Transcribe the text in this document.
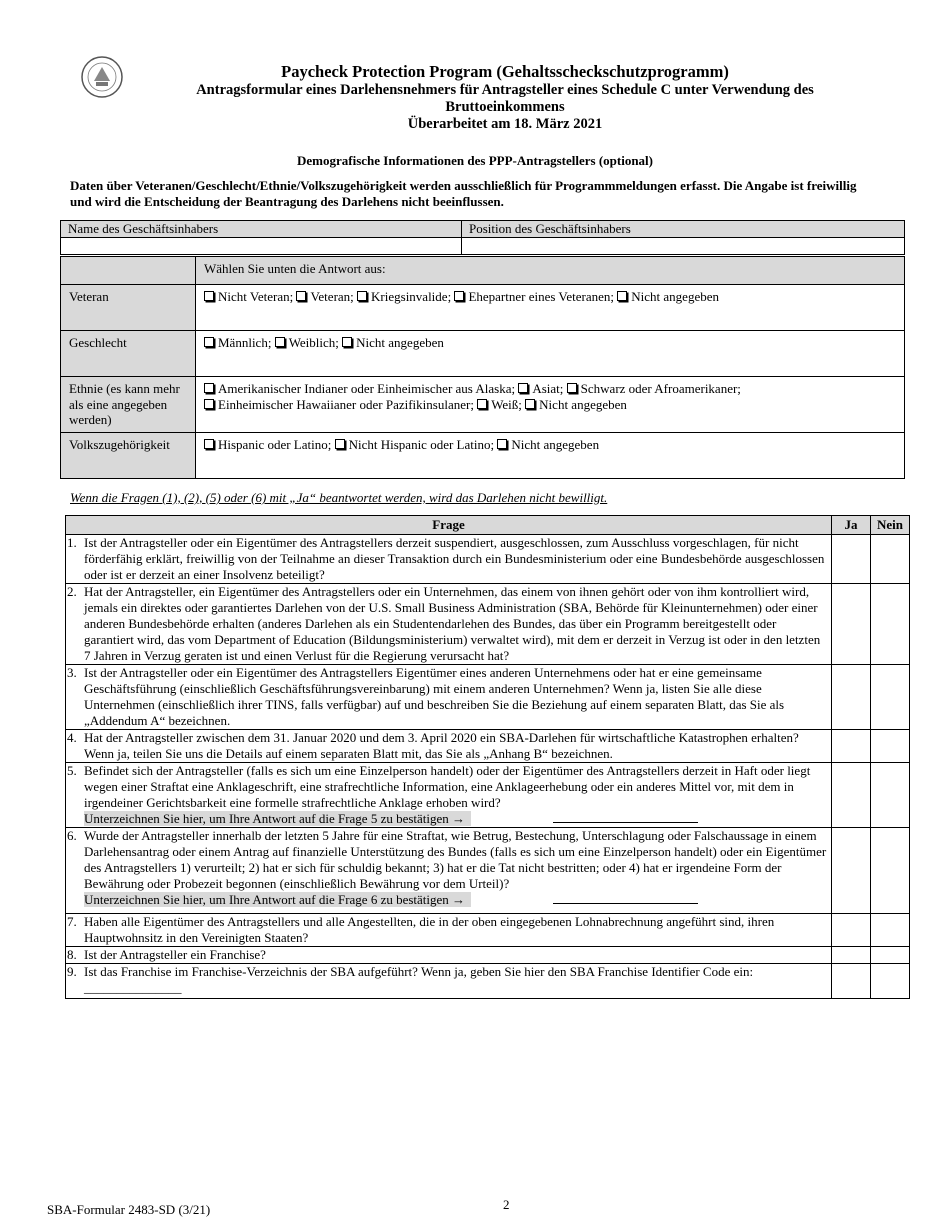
Paycheck Protection Program (Gehaltsscheckschutzprogramm)
Antragsformular eines Darlehensnehmers für Antragsteller eines Schedule C unter Verwendung des Bruttoeinkommens
Überarbeitet am 18. März 2021
Demografische Informationen des PPP-Antragstellers (optional)
Daten über Veteranen/Geschlecht/Ethnie/Volkszugehörigkeit werden ausschließlich für Programmmeldungen erfasst. Die Angabe ist freiwillig und wird die Entscheidung der Beantragung des Darlehens nicht beeinflussen.
Name des Geschäftsinhabers	Position des Geschäftsinhabers

	Wählen Sie unten die Antwort aus:
Veteran	Nicht Veteran; Veteran; Kriegsinvalide; Ehepartner eines Veteranen; Nicht angegeben
Geschlecht	Männlich; Weiblich; Nicht angegeben
Ethnie (es kann mehr als eine angegeben werden)	Amerikanischer Indianer oder Einheimischer aus Alaska; Asiat; Schwarz oder Afroamerikaner;
Einheimischer Hawaiianer oder Pazifikinsulaner; Weiß; Nicht angegeben
Volkszugehörigkeit	Hispanic oder Latino; Nicht Hispanic oder Latino; Nicht angegeben
Wenn die Fragen (1), (2), (5) oder (6) mit „Ja“ beantwortet werden, wird das Darlehen nicht bewilligt.
Frage	Ja	Nein

1. Ist der Antragsteller oder ein Eigentümer des Antragstellers derzeit suspendiert, ausgeschlossen, zum Ausschluss vorgeschlagen, für nicht förderfähig erklärt, freiwillig von der Teilnahme an dieser Transaktion durch ein Bundesministerium oder eine Bundesbehörde ausgeschlossen oder ist er derzeit an einer Insolvenz beteiligt?		

2. Hat der Antragsteller, ein Eigentümer des Antragstellers oder ein Unternehmen, das einem von ihnen gehört oder von ihm kontrolliert wird, jemals ein direktes oder garantiertes Darlehen von der U.S. Small Business Administration (SBA, Behörde für Kleinunternehmen) oder einer anderen Bundesbehörde erhalten (anderes Darlehen als ein Studentendarlehen des Bundes, das über ein Programm bereitgestellt oder garantiert wird, das vom Department of Education (Bildungsministerium) verwaltet wird), mit dem er derzeit in Verzug ist oder in den letzten 7 Jahren in Verzug geraten ist und einen Verlust für die Regierung verursacht hat?		

3. Ist der Antragsteller oder ein Eigentümer des Antragstellers Eigentümer eines anderen Unternehmens oder hat er eine gemeinsame Geschäftsführung (einschließlich Geschäftsführungsvereinbarung) mit einem anderen Unternehmen? Wenn ja, listen Sie alle diese Unternehmen (einschließlich ihrer TINS, falls verfügbar) auf und beschreiben Sie die Beziehung auf einem separaten Blatt, das Sie als „Addendum A“ bezeichnen.		

4. Hat der Antragsteller zwischen dem 31. Januar 2020 und dem 3. April 2020 ein SBA-Darlehen für wirtschaftliche Katastrophen erhalten? Wenn ja, teilen Sie uns die Details auf einem separaten Blatt mit, das Sie als „Anhang B“ bezeichnen.		

5. Befindet sich der Antragsteller (falls es sich um eine Einzelperson handelt) oder der Eigentümer des Antragstellers derzeit in Haft oder liegt wegen einer Straftat eine Anklageschrift, eine strafrechtliche Information, eine Anklageerhebung oder ein anderes Mittel vor, mit dem in irgendeiner Gerichtsbarkeit eine formelle strafrechtliche Anklage erhoben wird?
Unterzeichnen Sie hier, um Ihre Antwort auf die Frage 5 zu bestätigen →		

6. Wurde der Antragsteller innerhalb der letzten 5 Jahre für eine Straftat, wie Betrug, Bestechung, Unterschlagung oder Falschaussage in einem Darlehensantrag oder einem Antrag auf finanzielle Unterstützung des Bundes (falls es sich um eine Einzelperson handelt) oder ein Eigentümer des Antragstellers 1) verurteilt; 2) hat er sich für schuldig bekannt; 3) hat er die Tat nicht bestritten; oder 4) hat er irgendeine Form der Bewährung oder Probezeit begonnen (einschließlich Bewährung vor dem Urteil)?
Unterzeichnen Sie hier, um Ihre Antwort auf die Frage 6 zu bestätigen →		

7. Haben alle Eigentümer des Antragstellers und alle Angestellten, die in der oben eingegebenen Lohnabrechnung angeführt sind, ihren Hauptwohnsitz in den Vereinigten Staaten?		

8. Ist der Antragsteller ein Franchise?		

9. Ist das Franchise im Franchise-Verzeichnis der SBA aufgeführt? Wenn ja, geben Sie hier den SBA Franchise Identifier Code ein: _______________		

SBA-Formular 2483-SD (3/21)	2
